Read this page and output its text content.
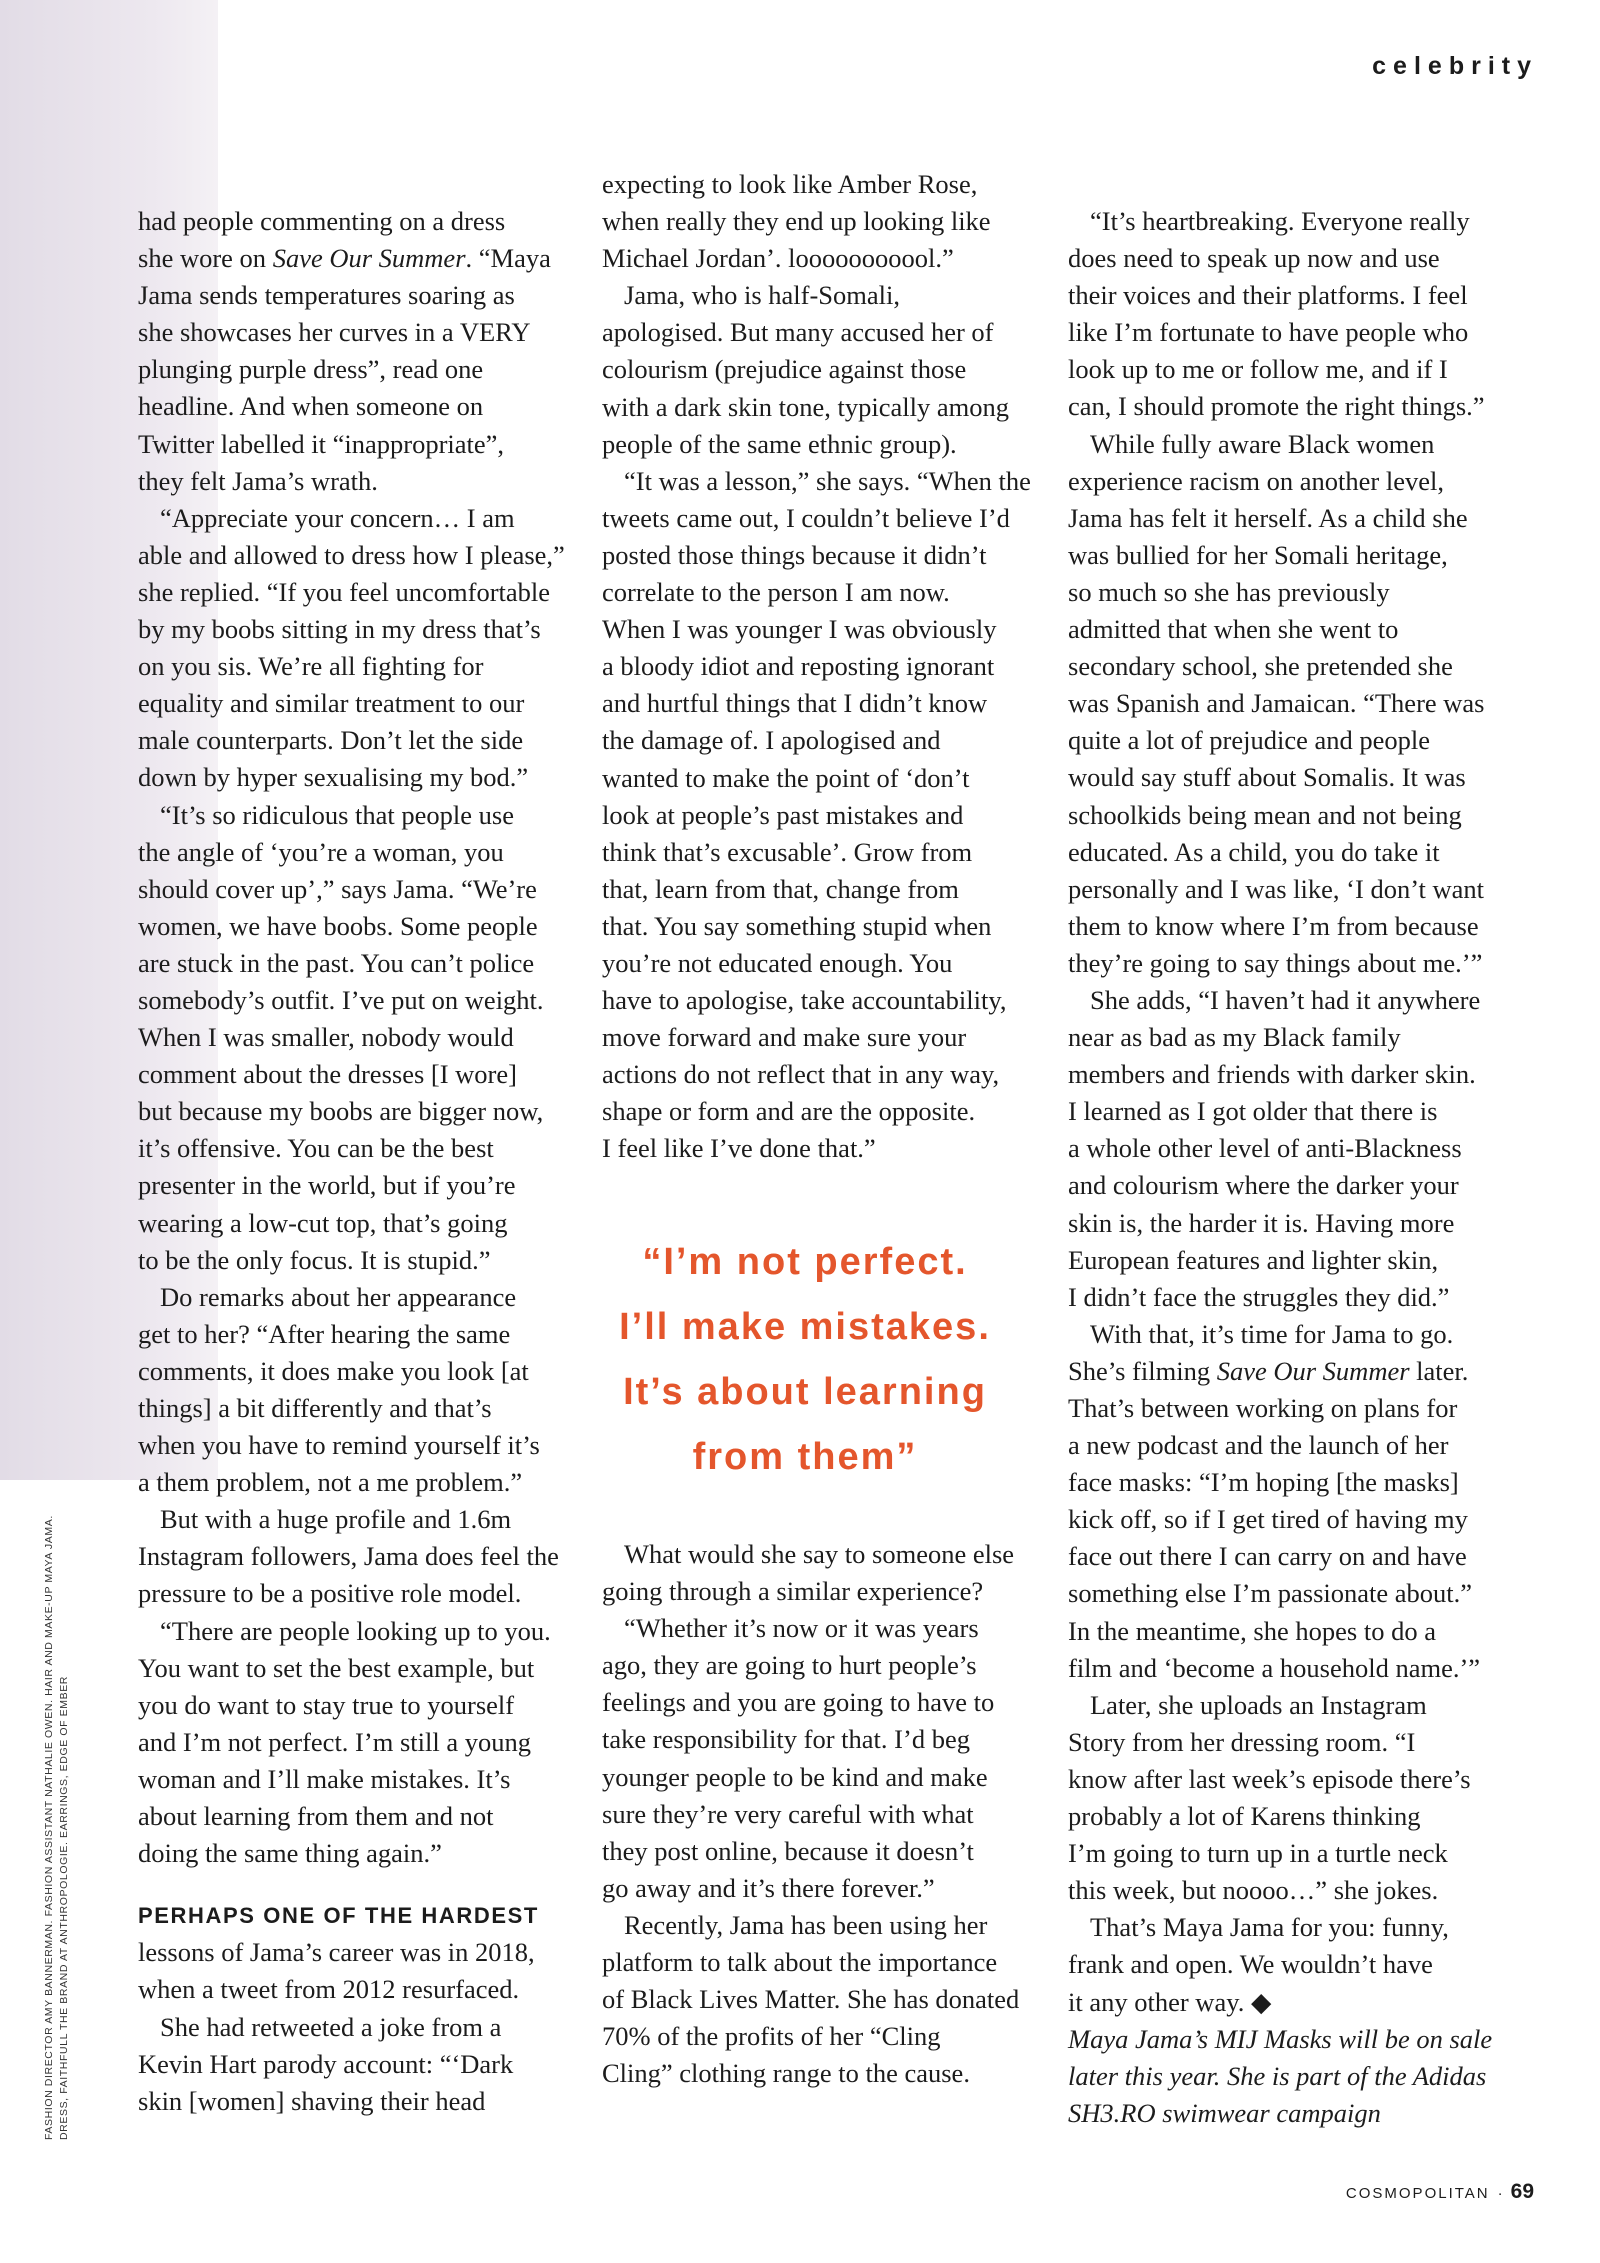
celebrity
FASHION DIRECTOR AMY BANNERMAN. FASHION ASSISTANT NATHALIE OWEN. HAIR AND MAKE-UP MAYA JAMA. DRESS, FAITHFULL THE BRAND AT ANTHROPOLOGIE. EARRINGS, EDGE OF EMBER
had people commenting on a dress
she wore on Save Our Summer. “Maya
Jama sends temperatures soaring as
she showcases her curves in a VERY
plunging purple dress”, read one
headline. And when someone on
Twitter labelled it “inappropriate”,
they felt Jama’s wrath.
“Appreciate your concern… I am
able and allowed to dress how I please,”
she replied. “If you feel uncomfortable
by my boobs sitting in my dress that’s
on you sis. We’re all fighting for
equality and similar treatment to our
male counterparts. Don’t let the side
down by hyper sexualising my bod.”
“It’s so ridiculous that people use
the angle of ‘you’re a woman, you
should cover up’,” says Jama. “We’re
women, we have boobs. Some people
are stuck in the past. You can’t police
somebody’s outfit. I’ve put on weight.
When I was smaller, nobody would
comment about the dresses [I wore]
but because my boobs are bigger now,
it’s offensive. You can be the best
presenter in the world, but if you’re
wearing a low-cut top, that’s going
to be the only focus. It is stupid.”
Do remarks about her appearance
get to her? “After hearing the same
comments, it does make you look [at
things] a bit differently and that’s
when you have to remind yourself it’s
a them problem, not a me problem.”
But with a huge profile and 1.6m
Instagram followers, Jama does feel the
pressure to be a positive role model.
“There are people looking up to you.
You want to set the best example, but
you do want to stay true to yourself
and I’m not perfect. I’m still a young
woman and I’ll make mistakes. It’s
about learning from them and not
doing the same thing again.”
PERHAPS ONE OF THE HARDEST
lessons of Jama’s career was in 2018,
when a tweet from 2012 resurfaced.
She had retweeted a joke from a
Kevin Hart parody account: “‘Dark
skin [women] shaving their head
expecting to look like Amber Rose,
when really they end up looking like
Michael Jordan’. looooooooool.”
Jama, who is half-Somali,
apologised. But many accused her of
colourism (prejudice against those
with a dark skin tone, typically among
people of the same ethnic group).
“It was a lesson,” she says. “When the
tweets came out, I couldn’t believe I’d
posted those things because it didn’t
correlate to the person I am now.
When I was younger I was obviously
a bloody idiot and reposting ignorant
and hurtful things that I didn’t know
the damage of. I apologised and
wanted to make the point of ‘don’t
look at people’s past mistakes and
think that’s excusable’. Grow from
that, learn from that, change from
that. You say something stupid when
you’re not educated enough. You
have to apologise, take accountability,
move forward and make sure your
actions do not reflect that in any way,
shape or form and are the opposite.
I feel like I’ve done that.”
“I’m not perfect.
I’ll make mistakes.
It’s about learning
from them”
What would she say to someone else
going through a similar experience?
“Whether it’s now or it was years
ago, they are going to hurt people’s
feelings and you are going to have to
take responsibility for that. I’d beg
younger people to be kind and make
sure they’re very careful with what
they post online, because it doesn’t
go away and it’s there forever.”
Recently, Jama has been using her
platform to talk about the importance
of Black Lives Matter. She has donated
70% of the profits of her “Cling
Cling” clothing range to the cause.
“It’s heartbreaking. Everyone really
does need to speak up now and use
their voices and their platforms. I feel
like I’m fortunate to have people who
look up to me or follow me, and if I
can, I should promote the right things.”
While fully aware Black women
experience racism on another level,
Jama has felt it herself. As a child she
was bullied for her Somali heritage,
so much so she has previously
admitted that when she went to
secondary school, she pretended she
was Spanish and Jamaican. “There was
quite a lot of prejudice and people
would say stuff about Somalis. It was
schoolkids being mean and not being
educated. As a child, you do take it
personally and I was like, ‘I don’t want
them to know where I’m from because
they’re going to say things about me.’”
She adds, “I haven’t had it anywhere
near as bad as my Black family
members and friends with darker skin.
I learned as I got older that there is
a whole other level of anti-Blackness
and colourism where the darker your
skin is, the harder it is. Having more
European features and lighter skin,
I didn’t face the struggles they did.”
With that, it’s time for Jama to go.
She’s filming Save Our Summer later.
That’s between working on plans for
a new podcast and the launch of her
face masks: “I’m hoping [the masks]
kick off, so if I get tired of having my
face out there I can carry on and have
something else I’m passionate about.”
In the meantime, she hopes to do a
film and ‘become a household name.’”
Later, she uploads an Instagram
Story from her dressing room. “I
know after last week’s episode there’s
probably a lot of Karens thinking
I’m going to turn up in a turtle neck
this week, but noooo…” she jokes.
That’s Maya Jama for you: funny,
frank and open. We wouldn’t have
it any other way. ◆
Maya Jama’s MIJ Masks will be on sale
later this year. She is part of the Adidas
SH3.RO swimwear campaign
COSMOPOLITAN · 69
